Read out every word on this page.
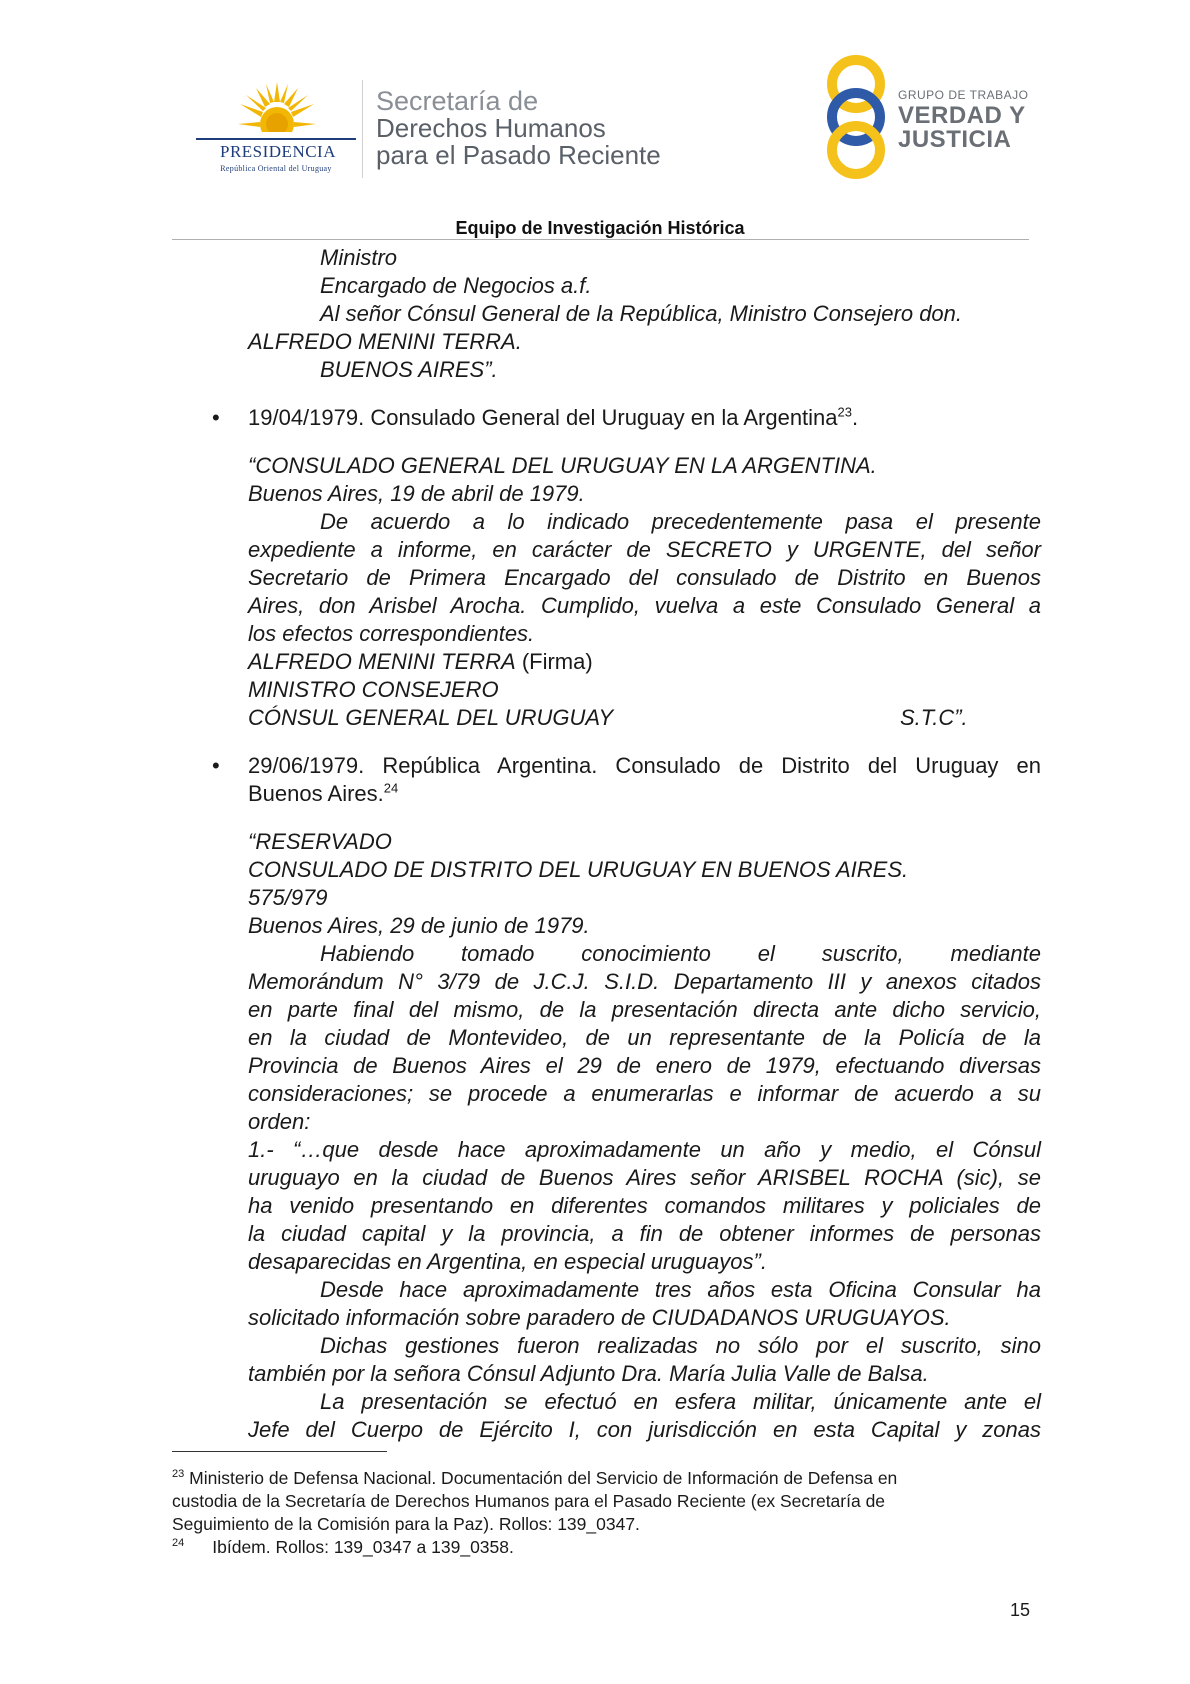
PRESIDENCIA
República Oriental del Uruguay
Secretaría de
Derechos Humanos
para el Pasado Reciente
GRUPO DE TRABAJO
VERDAD Y
JUSTICIA
Equipo de Investigación Histórica
Ministro
Encargado de Negocios a.f.
Al señor Cónsul General de la República, Ministro Consejero don.
ALFREDO MENINI TERRA.
BUENOS AIRES”.
• 19/04/1979. Consulado General del Uruguay en la Argentina$^{23}$.
“CONSULADO GENERAL DEL URUGUAY EN LA ARGENTINA.
Buenos Aires, 19 de abril de 1979.
De acuerdo a lo indicado precedentemente pasa el presente
expediente a informe, en carácter de SECRETO y URGENTE, del señor
Secretario de Primera Encargado del consulado de Distrito en Buenos
Aires, don Arisbel Arocha. Cumplido, vuelva a este Consulado General a
los efectos correspondientes.
ALFREDO MENINI TERRA (Firma)
MINISTRO CONSEJERO
CÓNSUL GENERAL DEL URUGUAY	S.T.C”.
• 29/06/1979. República Argentina. Consulado de Distrito del Uruguay en
Buenos Aires.$^{24}$
“RESERVADO
CONSULADO DE DISTRITO DEL URUGUAY EN BUENOS AIRES.
575/979
Buenos Aires, 29 de junio de 1979.
Habiendo tomado conocimiento el suscrito, mediante
Memorándum N° 3/79 de J.C.J. S.I.D. Departamento III y anexos citados
en parte final del mismo, de la presentación directa ante dicho servicio,
en la ciudad de Montevideo, de un representante de la Policía de la
Provincia de Buenos Aires el 29 de enero de 1979, efectuando diversas
consideraciones; se procede a enumerarlas e informar de acuerdo a su
orden:
1.- “…que desde hace aproximadamente un año y medio, el Cónsul
uruguayo en la ciudad de Buenos Aires señor ARISBEL ROCHA (sic), se
ha venido presentando en diferentes comandos militares y policiales de
la ciudad capital y la provincia, a fin de obtener informes de personas
desaparecidas en Argentina, en especial uruguayos”.
Desde hace aproximadamente tres años esta Oficina Consular ha
solicitado información sobre paradero de CIUDADANOS URUGUAYOS.
Dichas gestiones fueron realizadas no sólo por el suscrito, sino
también por la señora Cónsul Adjunto Dra. María Julia Valle de Balsa.
La presentación se efectuó en esfera militar, únicamente ante el
Jefe del Cuerpo de Ejército I, con jurisdicción en esta Capital y zonas
$^{23}$ Ministerio de Defensa Nacional. Documentación del Servicio de Información de Defensa en
custodia de la Secretaría de Derechos Humanos para el Pasado Reciente (ex Secretaría de
Seguimiento de la Comisión para la Paz). Rollos: 139_0347.
$^{24}$ Ibídem. Rollos: 139_0347 a 139_0358.
15
